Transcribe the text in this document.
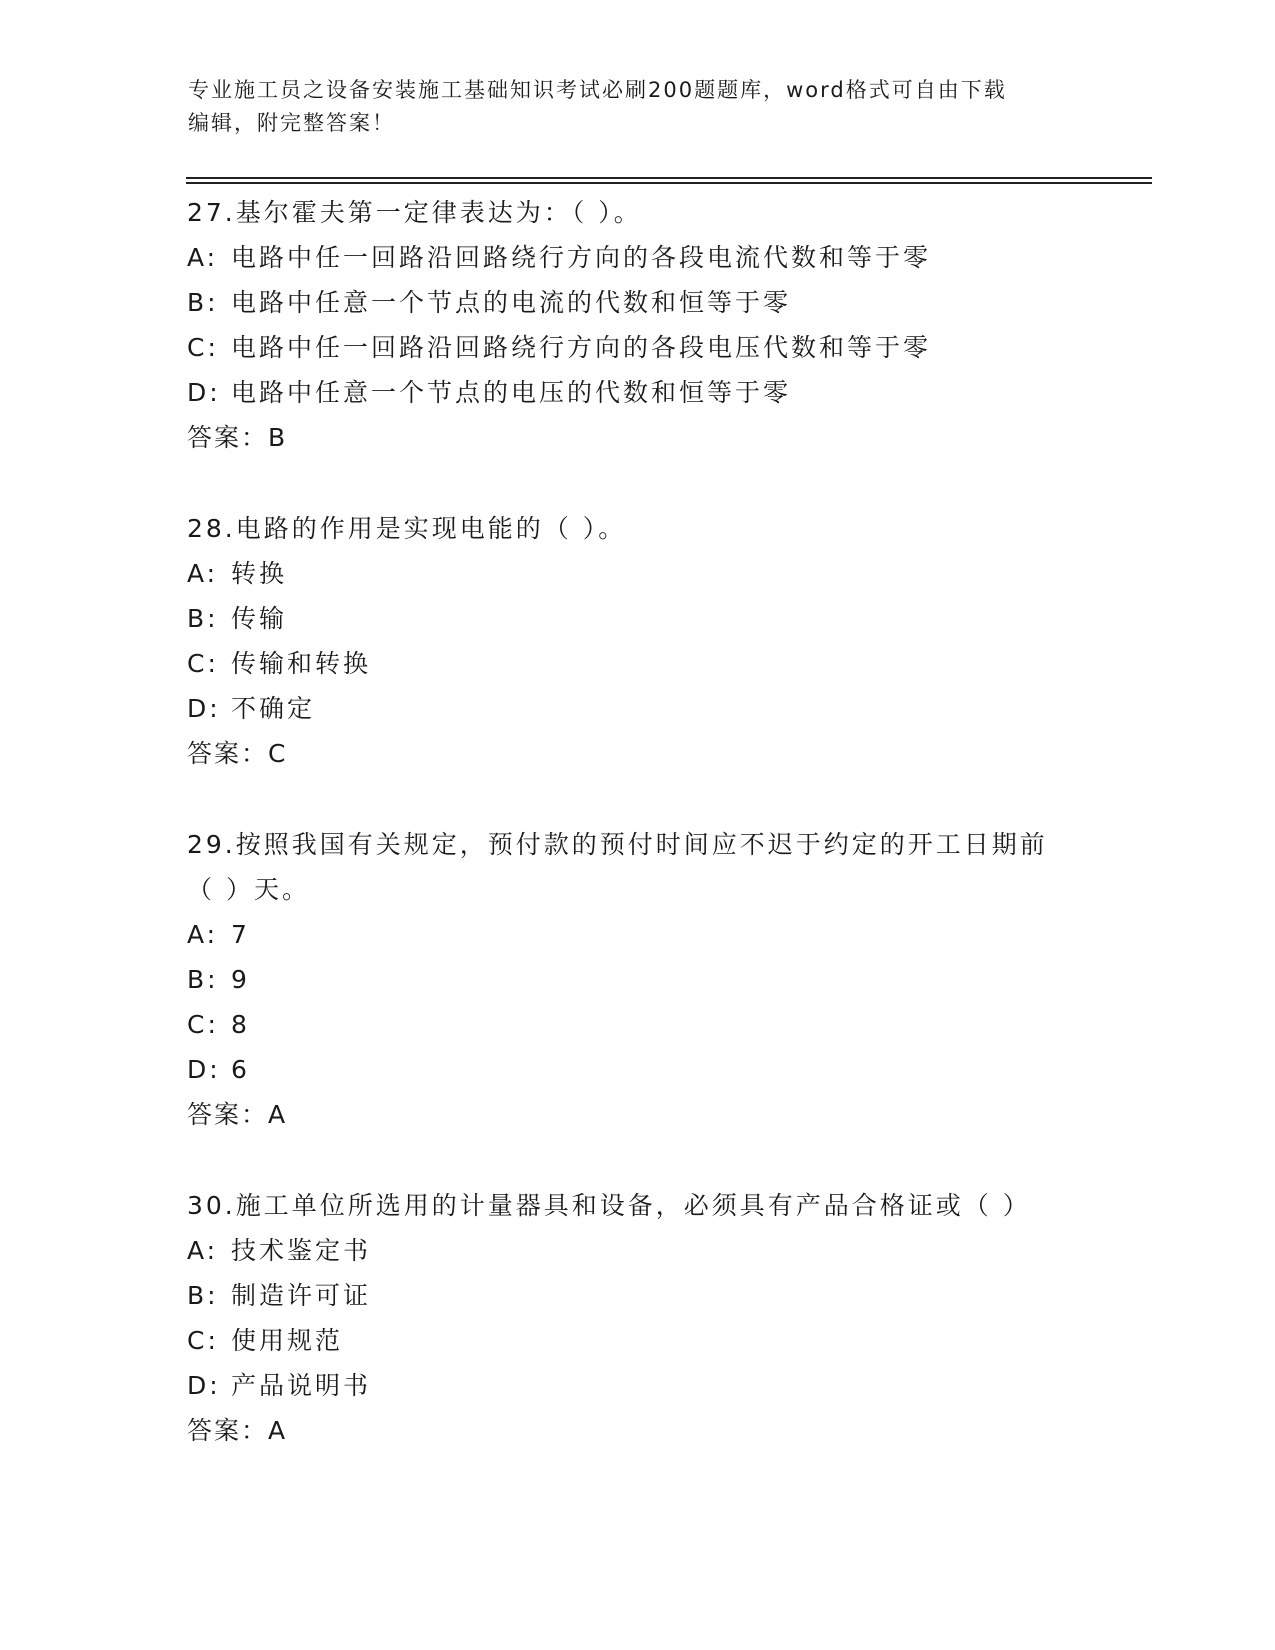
专业施工员之设备安装施工基础知识考试必刷200题题库，word格式可自由下载
编辑，附完整答案！
27.基尔霍夫第一定律表达为：（ ）。
A: 电路中任一回路沿回路绕行方向的各段电流代数和等于零
B: 电路中任意一个节点的电流的代数和恒等于零
C: 电路中任一回路沿回路绕行方向的各段电压代数和等于零
D: 电路中任意一个节点的电压的代数和恒等于零
答案：B
28.电路的作用是实现电能的（ ）。
A: 转换
B: 传输
C: 传输和转换
D: 不确定
答案：C
29.按照我国有关规定，预付款的预付时间应不迟于约定的开工日期前
（ ）天。
A: 7
B: 9
C: 8
D: 6
答案：A
30.施工单位所选用的计量器具和设备，必须具有产品合格证或（ ）
A: 技术鉴定书
B: 制造许可证
C: 使用规范
D: 产品说明书
答案：A
